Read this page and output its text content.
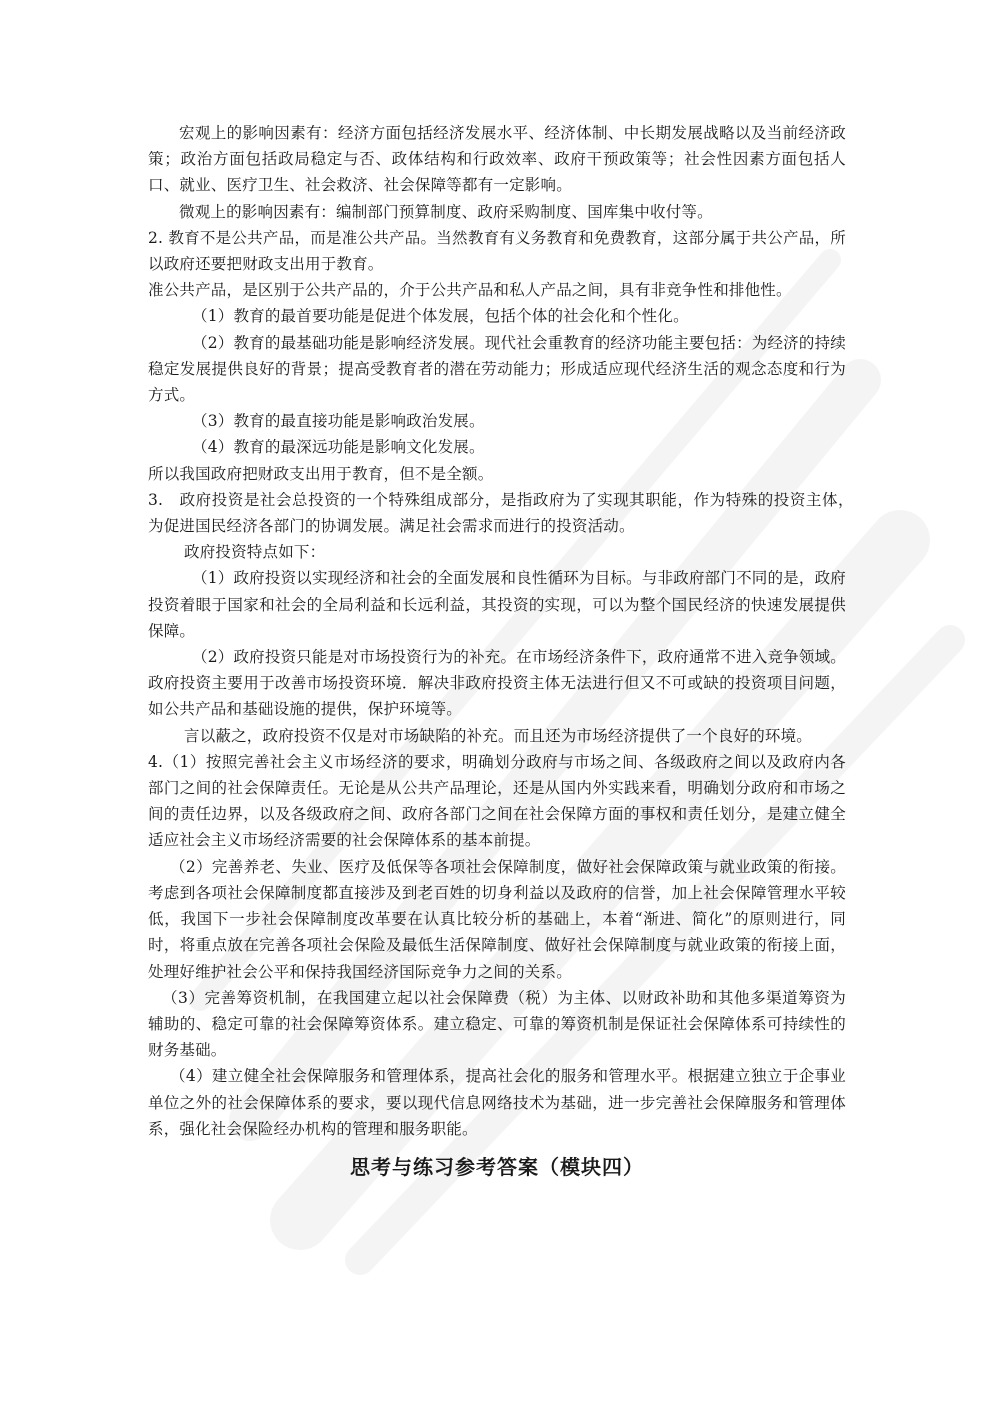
宏观上的影响因素有：经济方面包括经济发展水平、经济体制、中长期发展战略以及当前经济政策；政治方面包括政局稳定与否、政体结构和行政效率、政府干预政策等；社会性因素方面包括人口、就业、医疗卫生、社会救济、社会保障等都有一定影响。

微观上的影响因素有：编制部门预算制度、政府采购制度、国库集中收付等。

2. 教育不是公共产品，而是准公共产品。当然教育有义务教育和免费教育，这部分属于共公产品，所以政府还要把财政支出用于教育。

准公共产品，是区别于公共产品的，介于公共产品和私人产品之间，具有非竞争性和排他性。

（1）教育的最首要功能是促进个体发展，包括个体的社会化和个性化。

（2）教育的最基础功能是影响经济发展。现代社会重教育的经济功能主要包括：为经济的持续稳定发展提供良好的背景；提高受教育者的潜在劳动能力；形成适应现代经济生活的观念态度和行为方式。

（3）教育的最直接功能是影响政治发展。

（4）教育的最深远功能是影响文化发展。

所以我国政府把财政支出用于教育，但不是全额。

3.　政府投资是社会总投资的一个特殊组成部分，是指政府为了实现其职能，作为特殊的投资主体，　为促进国民经济各部门的协调发展。满足社会需求而进行的投资活动。

政府投资特点如下：

（1）政府投资以实现经济和社会的全面发展和良性循环为目标。与非政府部门不同的是，政府投资着眼于国家和社会的全局利益和长远利益，其投资的实现，可以为整个国民经济的快速发展提供保障。

（2）政府投资只能是对市场投资行为的补充。在市场经济条件下，政府通常不进入竞争领域。政府投资主要用于改善市场投资环境．解决非政府投资主体无法进行但又不可或缺的投资项目问题，如公共产品和基础设施的提供，保护环境等。

言以蔽之，政府投资不仅是对市场缺陷的补充。而且还为市场经济提供了一个良好的环境。

4.（1）按照完善社会主义市场经济的要求，明确划分政府与市场之间、各级政府之间以及政府内各部门之间的社会保障责任。无论是从公共产品理论，还是从国内外实践来看，明确划分政府和市场之间的责任边界，以及各级政府之间、政府各部门之间在社会保障方面的事权和责任划分，是建立健全适应社会主义市场经济需要的社会保障体系的基本前提。

（2）完善养老、失业、医疗及低保等各项社会保障制度，做好社会保障政策与就业政策的衔接。考虑到各项社会保障制度都直接涉及到老百姓的切身利益以及政府的信誉，加上社会保障管理水平较低，我国下一步社会保障制度改革要在认真比较分析的基础上，本着“渐进、简化”的原则进行，同时，将重点放在完善各项社会保险及最低生活保障制度、做好社会保障制度与就业政策的衔接上面，处理好维护社会公平和保持我国经济国际竞争力之间的关系。

（3）完善筹资机制，在我国建立起以社会保障费（税）为主体、以财政补助和其他多渠道筹资为辅助的、稳定可靠的社会保障筹资体系。建立稳定、可靠的筹资机制是保证社会保障体系可持续性的财务基础。

（4）建立健全社会保障服务和管理体系，提高社会化的服务和管理水平。根据建立独立于企事业单位之外的社会保障体系的要求，要以现代信息网络技术为基础，进一步完善社会保障服务和管理体系，强化社会保险经办机构的管理和服务职能。

思考与练习参考答案（模块四）
